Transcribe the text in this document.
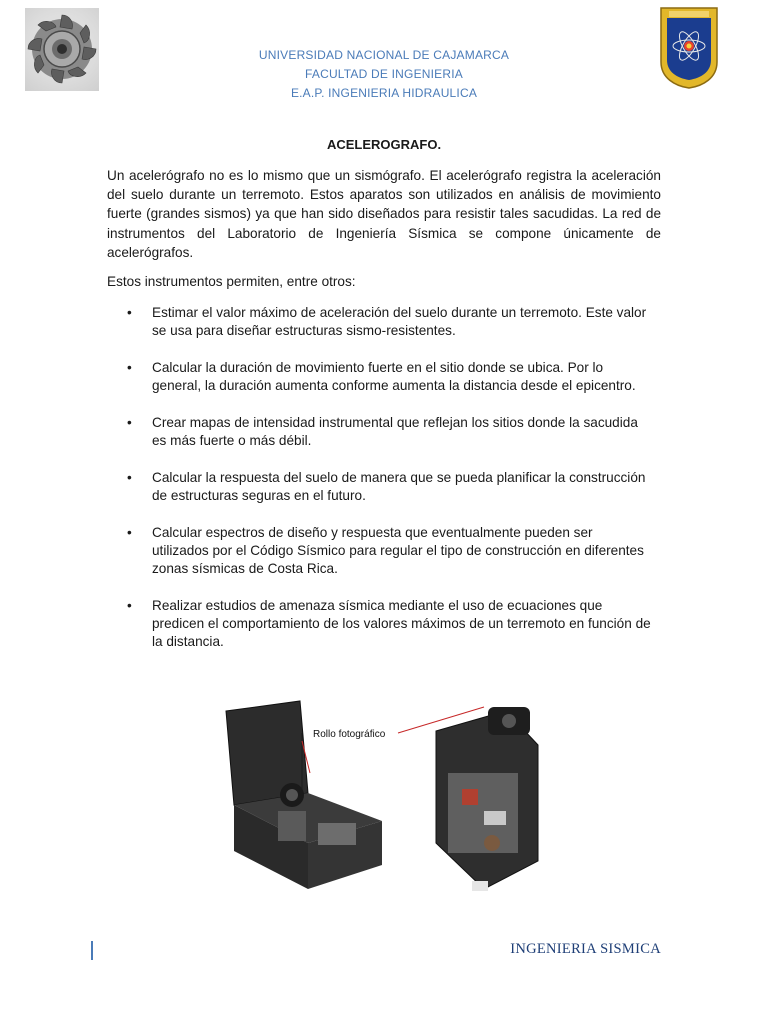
UNIVERSIDAD NACIONAL DE CAJAMARCA
FACULTAD DE INGENIERIA
E.A.P. INGENIERIA HIDRAULICA
ACELEROGRAFO.

Un acelerógrafo no es lo mismo que un sismógrafo. El acelerógrafo registra la aceleración del suelo durante un terremoto. Estos aparatos son utilizados en análisis de movimiento fuerte (grandes sismos) ya que han sido diseñados para resistir tales sacudidas. La red de instrumentos del Laboratorio de Ingeniería Sísmica se compone únicamente de acelerógrafos.

Estos instrumentos permiten, entre otros:

• Estimar el valor máximo de aceleración del suelo durante un terremoto. Este valor se usa para diseñar estructuras sismo-resistentes.
• Calcular la duración de movimiento fuerte en el sitio donde se ubica. Por lo general, la duración aumenta conforme aumenta la distancia desde el epicentro.
• Crear mapas de intensidad instrumental que reflejan los sitios donde la sacudida es más fuerte o más débil.
• Calcular la respuesta del suelo de manera que se pueda planificar la construcción de estructuras seguras en el futuro.
• Calcular espectros de diseño y respuesta que eventualmente pueden ser utilizados por el Código Sísmico para regular el tipo de construcción en diferentes zonas sísmicas de Costa Rica.
• Realizar estudios de amenaza sísmica mediante el uso de ecuaciones que predicen el comportamiento de los valores máximos de un terremoto en función de la distancia.
Rollo fotográfico
INGENIERIA SISMICA
